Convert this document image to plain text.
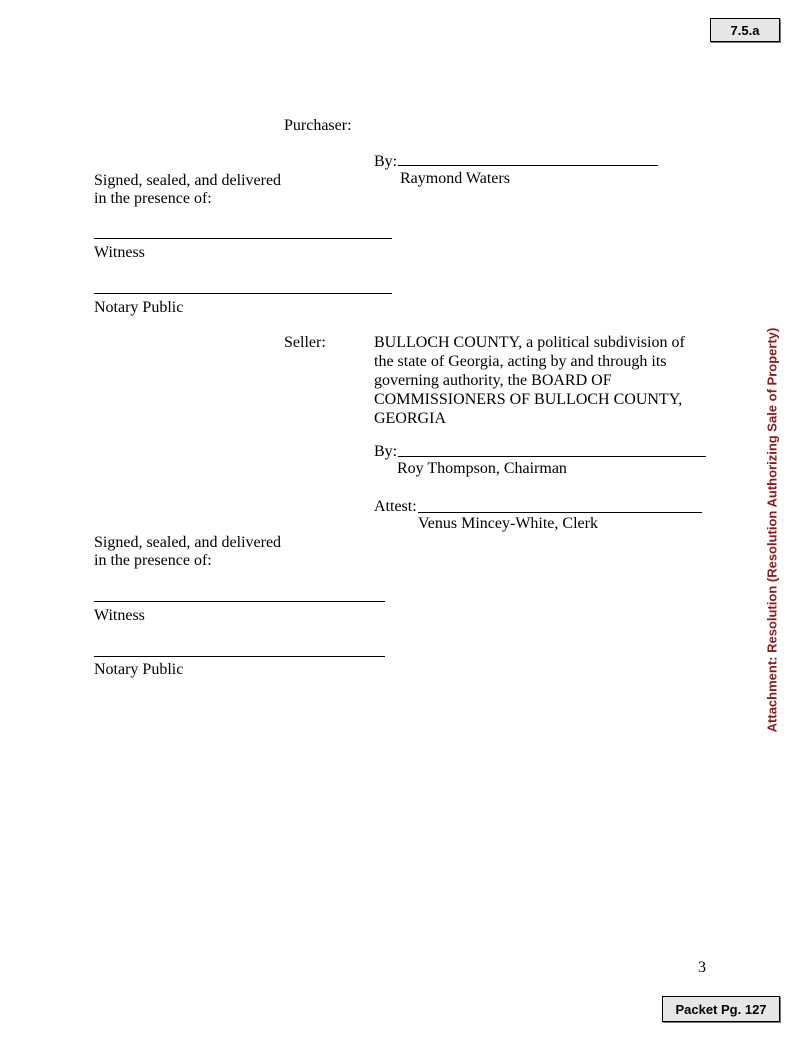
7.5.a
Purchaser:
By:
Raymond Waters
Signed, sealed, and delivered
in the presence of:
Witness
Notary Public
Seller:	BULLOCH COUNTY, a political subdivision of
the state of Georgia, acting by and through its
governing authority, the BOARD OF
COMMISSIONERS OF BULLOCH COUNTY,
GEORGIA
By:
Roy Thompson, Chairman
Attest:
Venus Mincey-White, Clerk
Signed, sealed, and delivered
in the presence of:
Witness
Notary Public	Attachment: Resolution (Resolution Authorizing Sale of Property)
3
Packet Pg. 127
